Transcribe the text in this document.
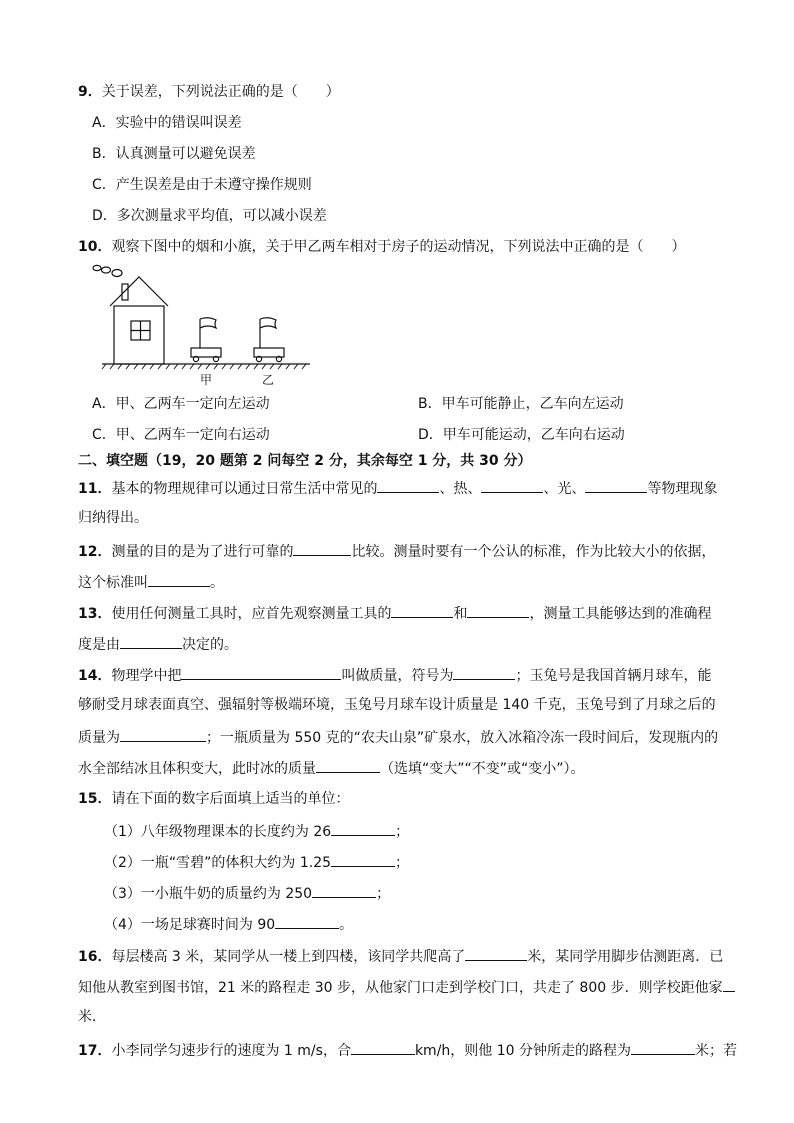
9．关于误差，下列说法正确的是（　　）
A．实验中的错误叫误差
B．认真测量可以避免误差
C．产生误差是由于未遵守操作规则
D．多次测量求平均值，可以减小误差
10．观察下图中的烟和小旗，关于甲乙两车相对于房子的运动情况，下列说法中正确的是（　　）
甲	乙
A．甲、乙两车一定向左运动	B．甲车可能静止，乙车向左运动
C．甲、乙两车一定向右运动	D．甲车可能运动，乙车向右运动
二、填空题（19，20 题第 2 问每空 2 分，其余每空 1 分，共 30 分）
11．基本的物理规律可以通过日常生活中常见的	、热、	、光、	等物理现象
归纳得出。
12．测量的目的是为了进行可靠的	比较。测量时要有一个公认的标准，作为比较大小的依据，
这个标准叫	。
13．使用任何测量工具时，应首先观察测量工具的	和	，测量工具能够达到的准确程
度是由	决定的。
14．物理学中把	叫做质量，符号为	；玉兔号是我国首辆月球车，能
够耐受月球表面真空、强辐射等极端环境，玉兔号月球车设计质量是 140 千克，玉兔号到了月球之后的
质量为	；一瓶质量为 550 克的“农夫山泉”矿泉水，放入冰箱冷冻一段时间后，发现瓶内的
水全部结冰且体积变大，此时冰的质量	（选填“变大”“不变”或“变小”）。
15．请在下面的数字后面填上适当的单位：
（1）八年级物理课本的长度约为 26	；
（2）一瓶“雪碧”的体积大约为 1.25	；
（3）一小瓶牛奶的质量约为 250	；
（4）一场足球赛时间为 90	。
16．每层楼高 3 米，某同学从一楼上到四楼，该同学共爬高了	米，某同学用脚步估测距离．已
知他从教室到图书馆，21 米的路程走 30 步，从他家门口走到学校门口，共走了 800 步．则学校距他家
米．
17．小李同学匀速步行的速度为 1 m/s，合	km/h，则他 10 分钟所走的路程为	米；若
